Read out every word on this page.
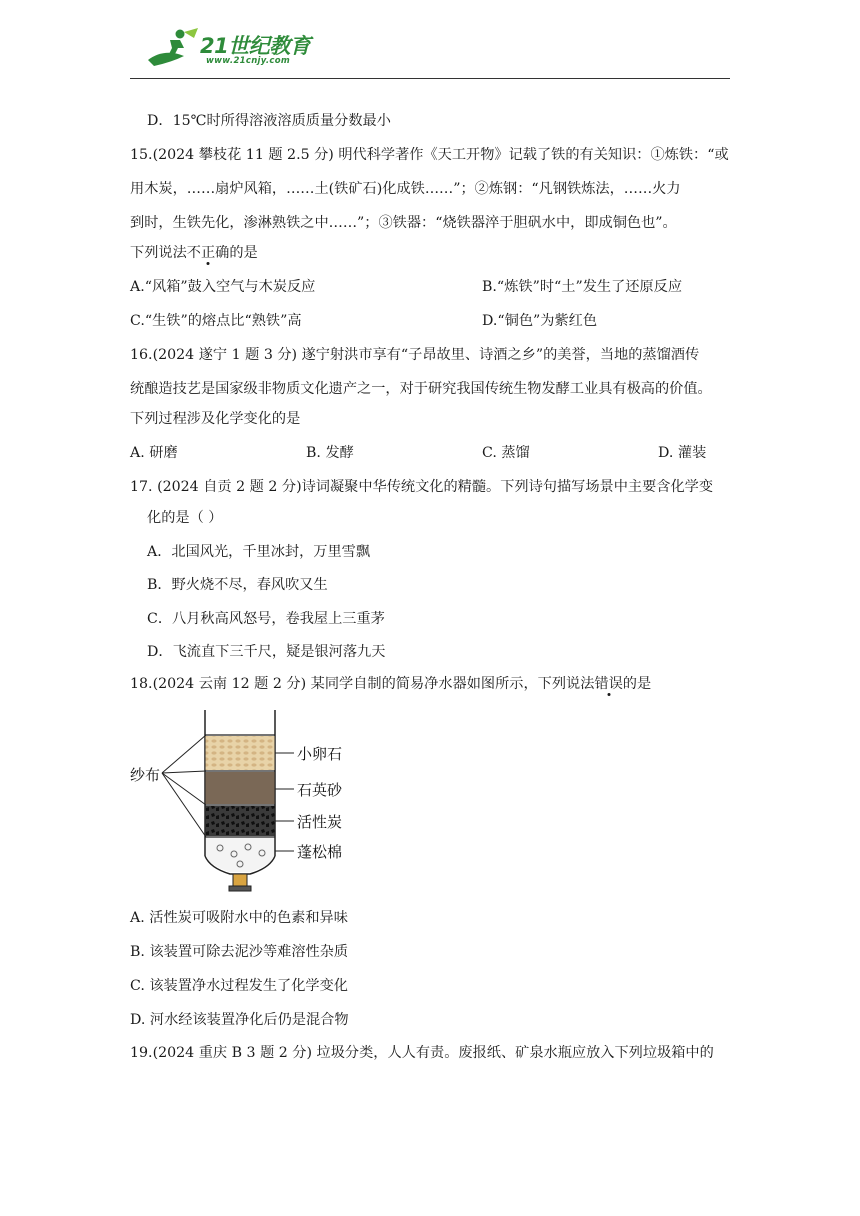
21世纪教育
www.21cnjy.com
D．15℃时所得溶液溶质质量分数最小
15.(2024 攀枝花 11 题 2.5 分) 明代科学著作《天工开物》记载了铁的有关知识：①炼铁：“或
用木炭，……扇炉风箱，……土(铁矿石)化成铁……”；②炼钢：“凡钢铁炼法，……火力
到时，生铁先化，渗淋熟铁之中……”；③铁器：“烧铁器淬于胆矾水中，即成铜色也”。
下列说法不正确的是
A.“风箱”鼓入空气与木炭反应	B.“炼铁”时“土”发生了还原反应
C.“生铁”的熔点比“熟铁”高	D.“铜色”为紫红色
16.(2024 遂宁 1 题 3 分) 遂宁射洪市享有“子昂故里、诗酒之乡”的美誉，当地的蒸馏酒传
统酿造技艺是国家级非物质文化遗产之一，对于研究我国传统生物发酵工业具有极高的价值。
下列过程涉及化学变化的是
A. 研磨	B. 发酵	C. 蒸馏	D. 灌装
17. (2024 自贡 2 题 2 分)诗词凝聚中华传统文化的精髓。下列诗句描写场景中主要含化学变
化的是（ ）
A．北国风光，千里冰封，万里雪飘
B．野火烧不尽，春风吹又生
C．八月秋高风怒号，卷我屋上三重茅
D．飞流直下三千尺，疑是银河落九天
18.(2024 云南 12 题 2 分) 某同学自制的简易净水器如图所示，下列说法错误的是
纱布
小卵石
石英砂
活性炭
蓬松棉
A. 活性炭可吸附水中的色素和异味
B. 该装置可除去泥沙等难溶性杂质
C. 该装置净水过程发生了化学变化
D. 河水经该装置净化后仍是混合物
19.(2024 重庆 B 3 题 2 分) 垃圾分类，人人有责。废报纸、矿泉水瓶应放入下列垃圾箱中的
